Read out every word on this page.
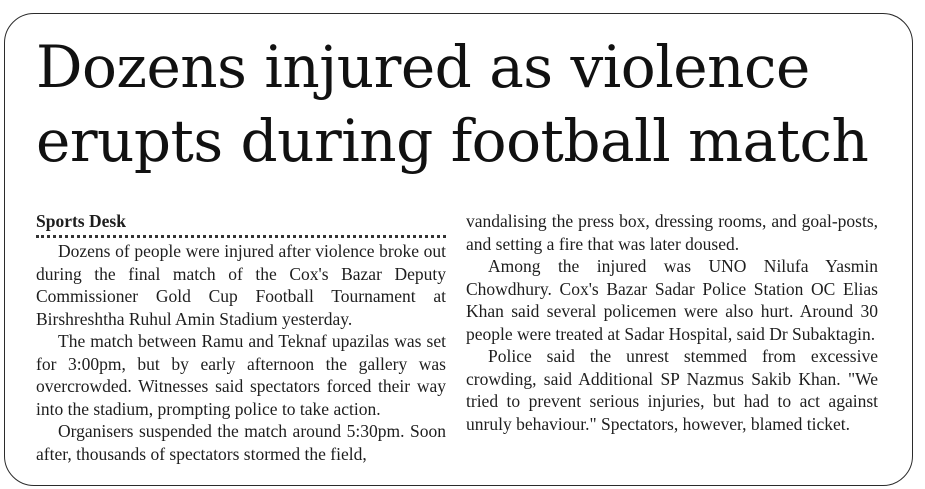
Dozens injured as violence erupts during football match
Sports Desk

Dozens of people were injured after violence broke out during the final match of the Cox's Bazar Deputy Commissioner Gold Cup Football Tournament at Birshreshtha Ruhul Amin Stadium yesterday.

The match between Ramu and Teknaf upazilas was set for 3:00pm, but by early afternoon the gallery was overcrowded. Witnesses said spectators forced their way into the stadium, prompting police to take action.

Organisers suspended the match around 5:30pm. Soon after, thousands of spectators stormed the field,

vandalising the press box, dressing rooms, and goal-posts, and setting a fire that was later doused.

Among the injured was UNO Nilufa Yasmin Chowdhury. Cox's Bazar Sadar Police Station OC Elias Khan said several policemen were also hurt. Around 30 people were treated at Sadar Hospital, said Dr Subaktagin.

Police said the unrest stemmed from excessive crowding, said Additional SP Nazmus Sakib Khan. "We tried to prevent serious injuries, but had to act against unruly behaviour." Spectators, however, blamed ticket.
